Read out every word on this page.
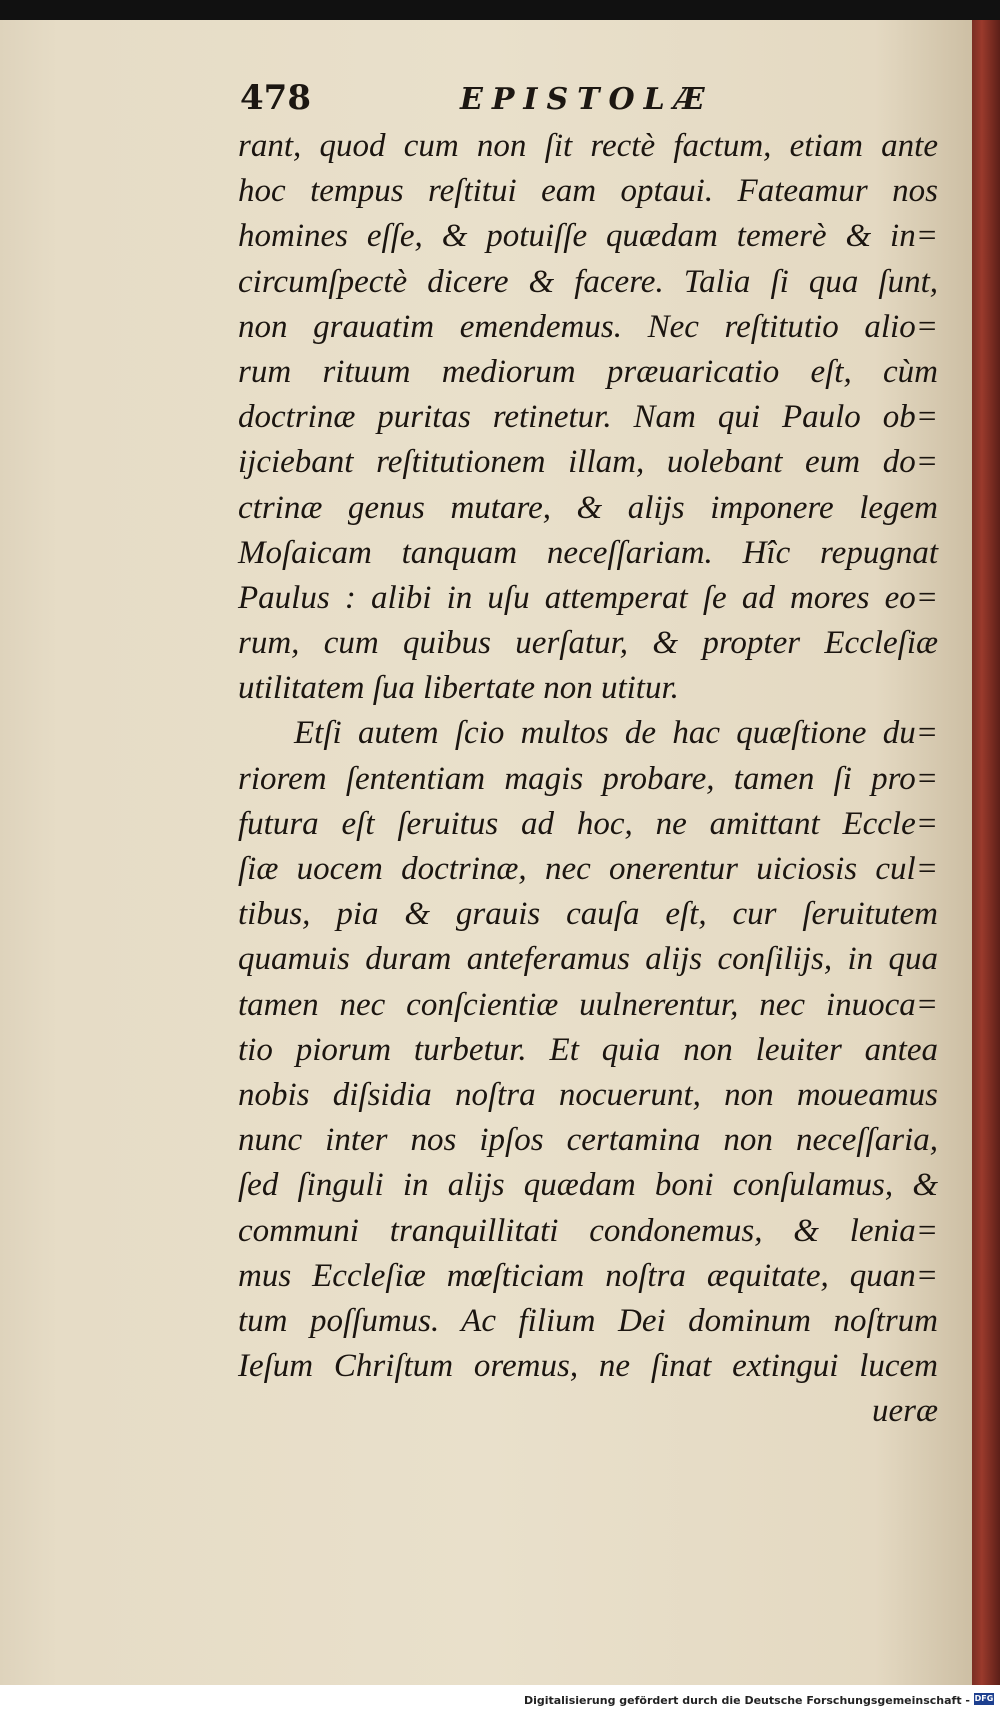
478	EPISTOLÆ
rant, quod cum non ſit rectè factum, etiam ante
hoc tempus reſtitui eam optaui. Fateamur nos
homines eſſe, & potuiſſe quædam temerè & in=
circumſpectè dicere & facere. Talia ſi qua ſunt,
non grauatim emendemus. Nec reſtitutio alio=
rum rituum mediorum præuaricatio eſt, cùm
doctrinæ puritas retinetur. Nam qui Paulo ob=
ijciebant reſtitutionem illam, uolebant eum do=
ctrinæ genus mutare, & alijs imponere legem
Moſaicam tanquam neceſſariam. Hîc repugnat
Paulus : alibi in uſu attemperat ſe ad mores eo=
rum, cum quibus uerſatur, & propter Eccleſiæ
utilitatem ſua libertate non utitur.
Etſi autem ſcio multos de hac quæſtione du=
riorem ſententiam magis probare, tamen ſi pro=
futura eſt ſeruitus ad hoc, ne amittant Eccle=
ſiæ uocem doctrinæ, nec onerentur uiciosis cul=
tibus, pia & grauis cauſa eſt, cur ſeruitutem
quamuis duram anteferamus alijs conſilijs, in qua
tamen nec conſcientiæ uulnerentur, nec inuoca=
tio piorum turbetur. Et quia non leuiter antea
nobis diſsidia noſtra nocuerunt, non moueamus
nunc inter nos ipſos certamina non neceſſaria,
ſed ſinguli in alijs quædam boni conſulamus, &
communi tranquillitati condonemus, & lenia=
mus Eccleſiæ mœſticiam noſtra æquitate, quan=
tum poſſumus. Ac filium Dei dominum noſtrum
Ieſum Chriſtum oremus, ne ſinat extingui lucem
ueræ
Digitalisierung gefördert durch die Deutsche Forschungsgemeinschaft - DFG
